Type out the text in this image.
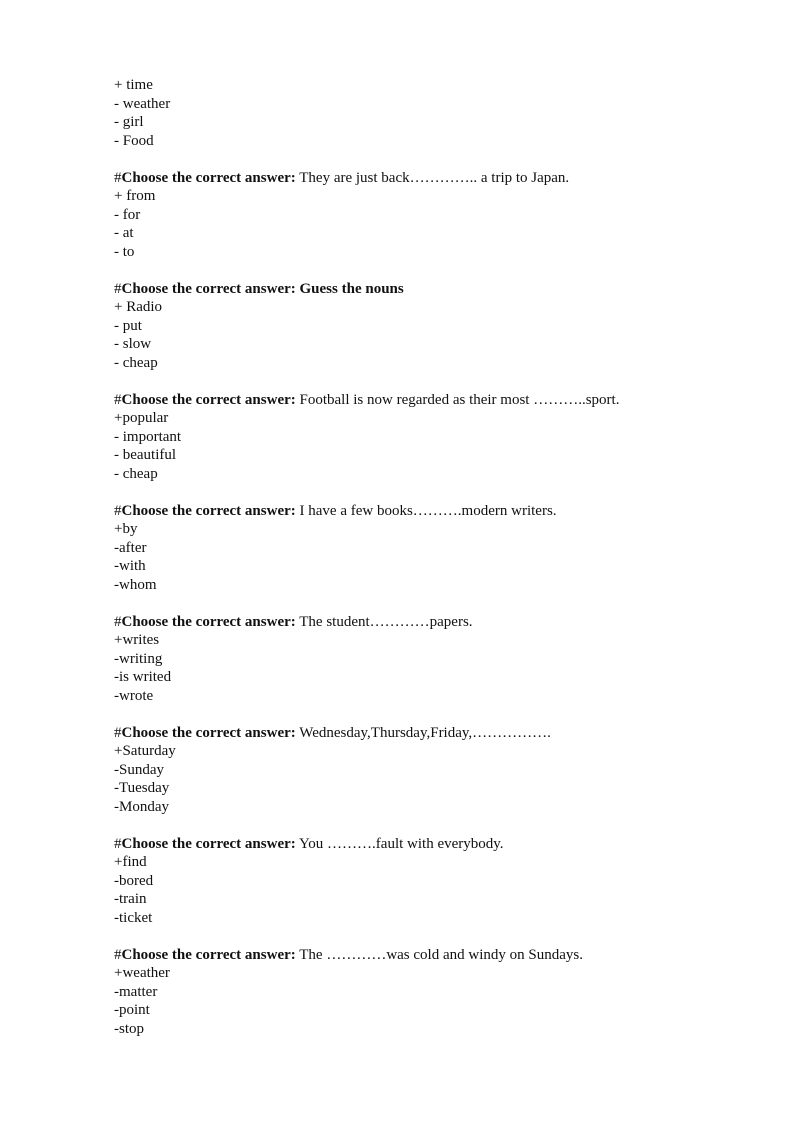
+ time
- weather
- girl
- Food
#Choose the correct answer: They are just back………….. a trip to Japan.
+ from
- for
- at
- to
#Choose the correct answer: Guess the nouns
+ Radio
- put
- slow
- cheap
#Choose the correct answer: Football is now regarded as their most ………..sport.
+popular
- important
- beautiful
- cheap
#Choose the correct answer: I have a few books……….modern writers.
+by
-after
-with
-whom
#Choose the correct answer: The student…………papers.
+writes
-writing
-is writed
-wrote
#Choose the correct answer: Wednesday,Thursday,Friday,…………….
+Saturday
-Sunday
-Tuesday
-Monday
#Choose the correct answer: You ……….fault with everybody.
+find
-bored
-train
-ticket
#Choose the correct answer: The …………was cold and windy on Sundays.
+weather
-matter
-point
-stop
